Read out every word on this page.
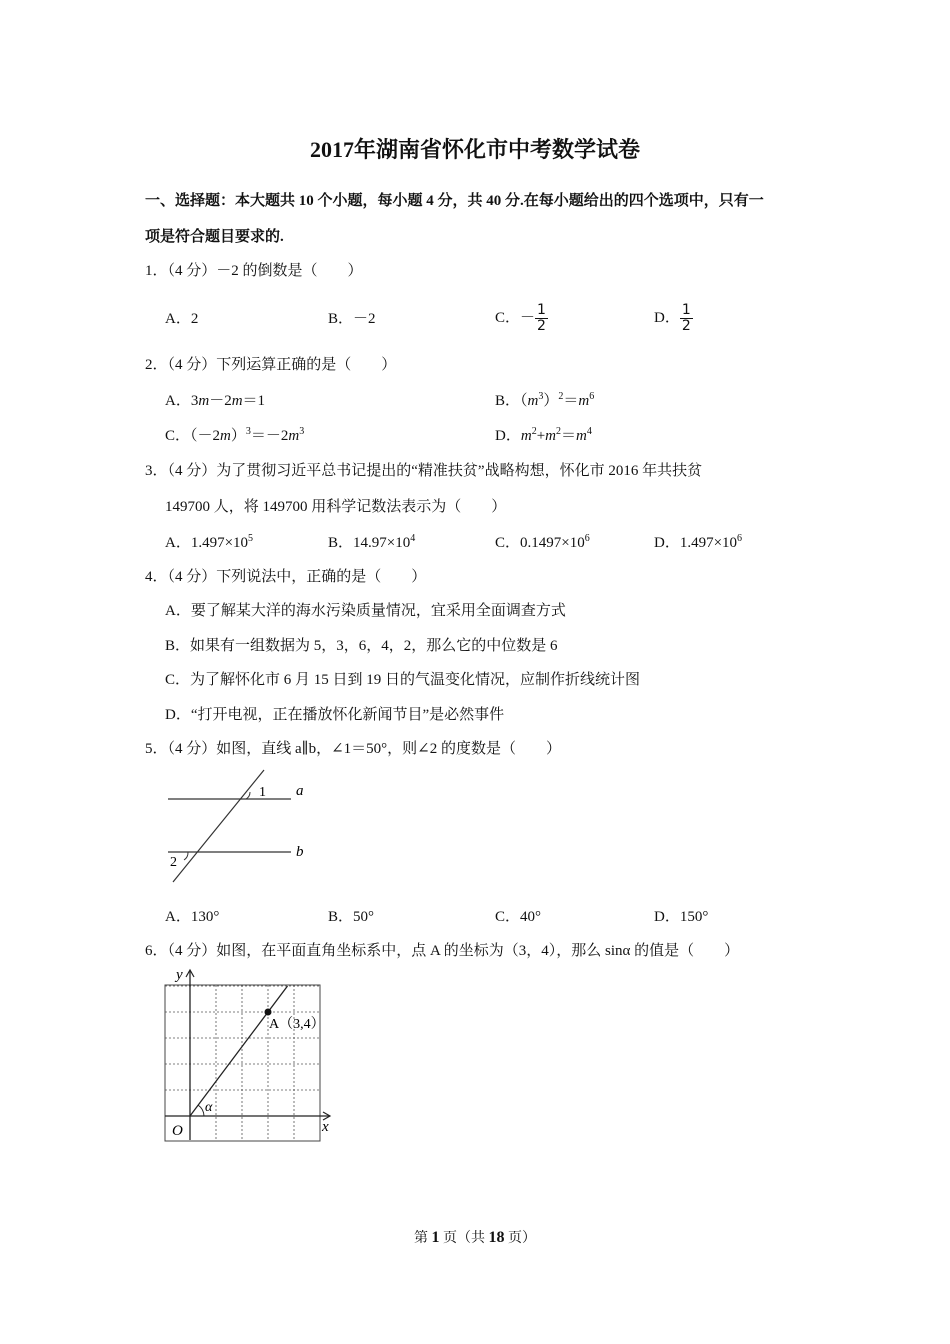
2017年湖南省怀化市中考数学试卷
一、选择题：本大题共 10 个小题，每小题 4 分，共 40 分.在每小题给出的四个选项中，只有一
项是符合题目要求的.
1．（4 分）－2 的倒数是（　　）
A．2	B．－2	C．－ $\frac{1}{2}$	D． $\frac{1}{2}$
2．（4 分）下列运算正确的是（　　）
A．3m－2m＝1	B．$(m^3)^2=m^6$
C．$(-2m)^3=-2m^3$	D．$m^2+m^2=m^4$
3．（4 分）为了贯彻习近平总书记提出的“精准扶贫”战略构想，怀化市 2016 年共扶贫
149700 人，将 149700 用科学记数法表示为（　　）
A．$1.497\times 10^5$	B．$14.97\times 10^4$	C．$0.1497\times 10^6$	D．$1.497\times 10^6$
4．（4 分）下列说法中，正确的是（　　）
A．要了解某大洋的海水污染质量情况，宜采用全面调查方式
B．如果有一组数据为 5，3，6，4，2，那么它的中位数是 6
C．为了解怀化市 6 月 15 日到 19 日的气温变化情况，应制作折线统计图
D．“打开电视，正在播放怀化新闻节目”是必然事件
5．（4 分）如图，直线 a∥b，∠1＝50°，则∠2 的度数是（　　）
1
2
a
b
A．130°	B．50°	C．40°	D．150°
6．（4 分）如图，在平面直角坐标系中，点 A 的坐标为（3，4），那么 sinα 的值是（　　）
y
x
O
α
A（3,4）
第 1 页（共 18 页）
